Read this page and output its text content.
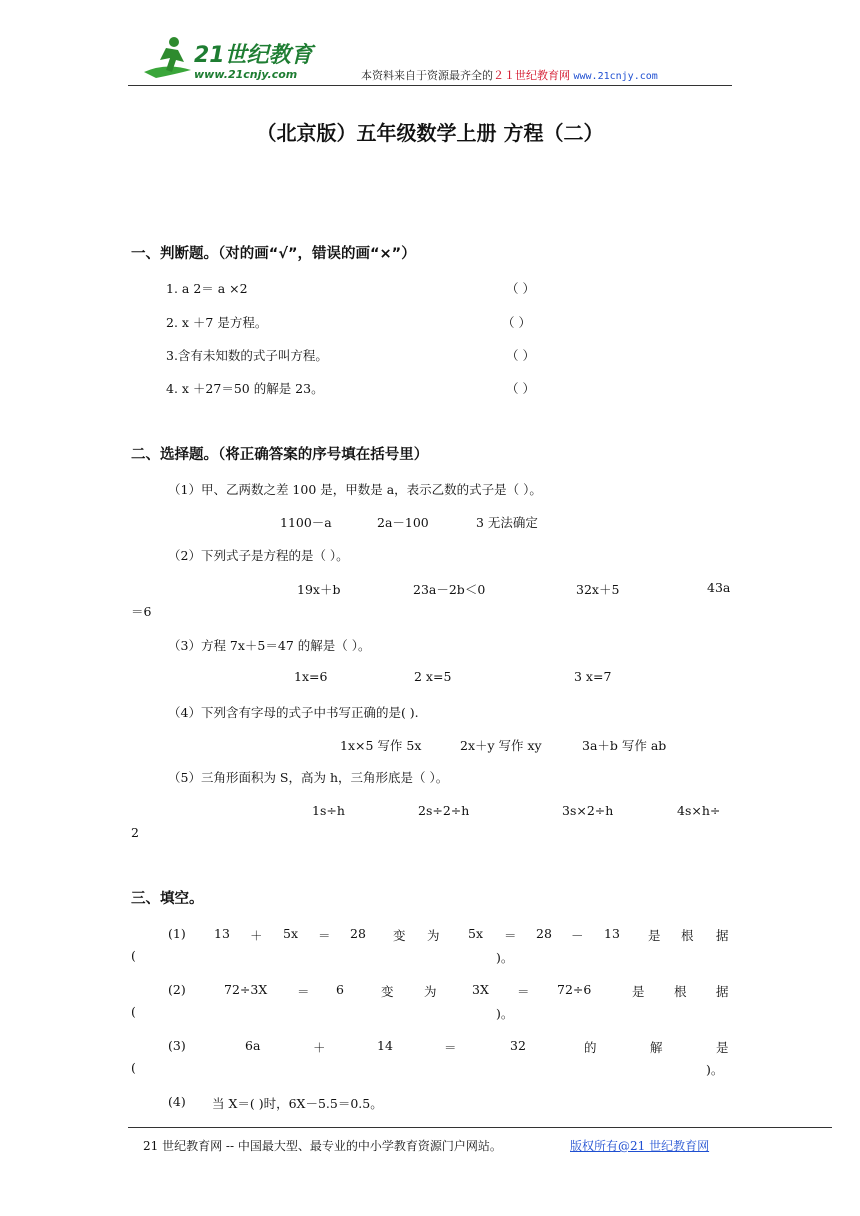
21世纪教育
www.21cnjy.com	本资料来自于资源最齐全的２１世纪教育网 www.21cnjy.com
（北京版）五年级数学上册 方程（二）
一、判断题。（对的画“√”，错误的画“×”）
1. a 2＝ a ×2	（ ）
2. x ＋7 是方程。	（ ）
3.含有未知数的式子叫方程。	（ ）
4. x ＋27＝50 的解是 23。	（ ）
二、选择题。（将正确答案的序号填在括号里）
（1）甲、乙两数之差 100 是，甲数是 a，表示乙数的式子是（ ）。
1100－a	2a－100	3 无法确定
（2）下列式子是方程的是（ ）。
19x＋b	23a－2b＜0	32x＋5	43a
＝6
（3）方程 7x＋5＝47 的解是（ ）。
1x=6	2 x=5	3 x=7
（4）下列含有字母的式子中书写正确的是( ).
1x×5 写作 5x	2x＋y 写作 xy	3a＋b 写作 ab
（5）三角形面积为 S，高为 h，三角形底是（ ）。
1s÷h	2s÷2÷h	3s×2÷h	4s×h÷
2
三、填空。
(1) 13 ＋ 5x ＝ 28 变 为 5x ＝ 28 － 13 是 根 据
(	)。
(2)	72÷3X ＝ 6	变 为	3X ＝ 72÷6	是 根 据
(	)。
(3)	6a	＋	14	＝	32	的	解	是
(	)。
(4) 当 X＝( )时，6X－5.5＝0.5。
21 世纪教育网 -- 中国最大型、最专业的中小学教育资源门户网站。	版权所有@21 世纪教育网
